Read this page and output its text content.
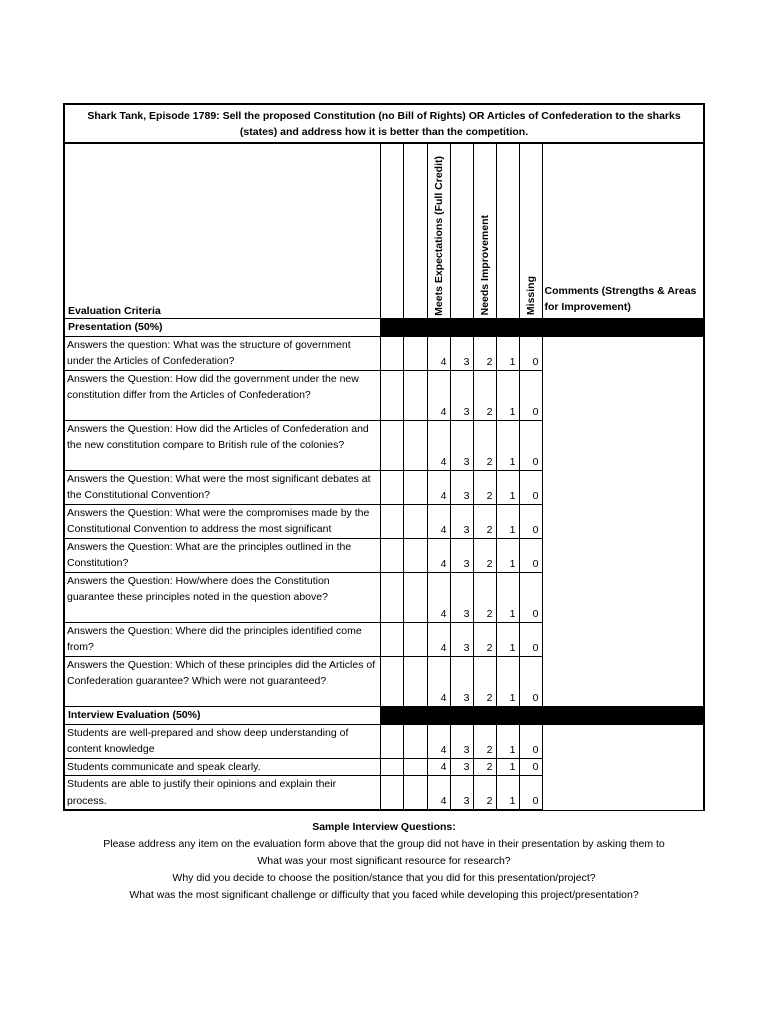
Shark Tank, Episode 1789: Sell the proposed Constitution (no Bill of Rights) OR Articles of Confederation to the sharks (states) and address how it is better than the competition.								
Evaluation Criteria			Meets Expectations (Full Credit)		Needs Improvement		Missing	Comments (Strengths & Areas for Improvement)
Presentation (50%)								
Answers the question: What was the structure of government under the Articles of Confederation?			4	3	2	1	0	
Answers the Question: How did the government under the new constitution differ from the Articles of Confederation?			4	3	2	1	0	
Answers the Question: How did the Articles of Confederation and the new constitution compare to British rule of the colonies?			4	3	2	1	0	
Answers the Question: What were the most significant debates at the Constitutional Convention?			4	3	2	1	0	
Answers the Question: What were the compromises made by the Constitutional Convention to address the most significant			4	3	2	1	0	
Answers the Question: What are the principles outlined in the Constitution?			4	3	2	1	0	
Answers the Question: How/where does the Constitution guarantee these principles noted in the question above?			4	3	2	1	0	
Answers the Question: Where did the principles identified come from?			4	3	2	1	0	
Answers the Question: Which of these principles did the Articles of Confederation guarantee? Which were not guaranteed?			4	3	2	1	0	
Interview Evaluation (50%)								
Students are well-prepared and show deep understanding of content knowledge			4	3	2	1	0	
Students communicate and speak clearly.			4	3	2	1	0	
Students are able to justify their opinions and explain their process.			4	3	2	1	0	
Sample Interview Questions:
Please address any item on the evaluation form above that the group did not have in their presentation by asking them to
What was your most significant resource for research?
Why did you decide to choose the position/stance that you did for this presentation/project?
What was the most significant challenge or difficulty that you faced while developing this project/presentation?
